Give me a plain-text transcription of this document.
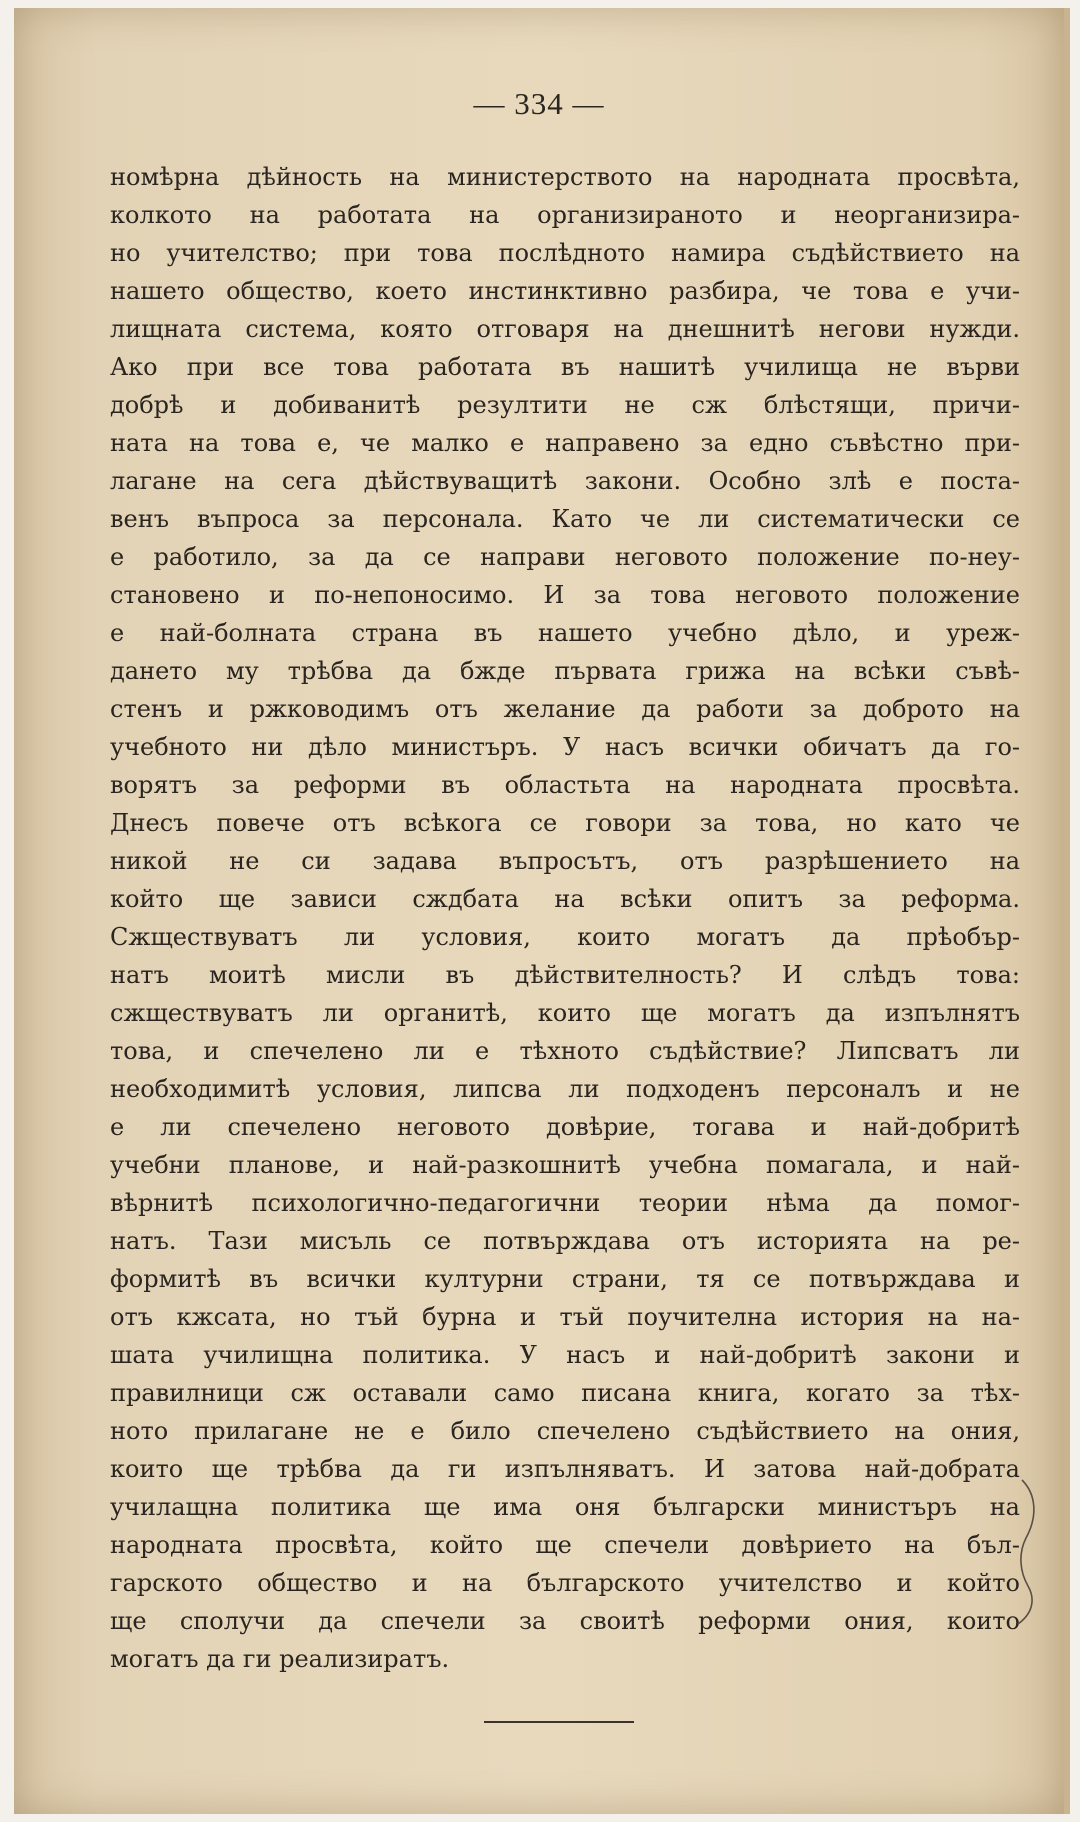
— 334 —
номѣрна дѣйность на министерството на народната просвѣта,
колкото на работата на организираното и неорганизира-
но учителство; при това послѣдното намира съдѣйствието на
нашето общество, което инстинктивно разбира, че това е учи-
лищната система, която отговаря на днешнитѣ негови нужди.
Ако при все това работата въ нашитѣ училища не върви
добрѣ и добиванитѣ резултити не сж блѣстящи, причи-
ната на това е, че малко е направено за едно съвѣстно при-
лагане на сега дѣйствуващитѣ закони. Особно злѣ е поста-
венъ въпроса за персонала. Като че ли систематически се
е работило, за да се направи неговото положение по-неу-
становено и по-непоносимо. И за това неговото положение
е най-болната страна въ нашето учебно дѣло, и уреж-
дането му трѣбва да бжде първата грижа на всѣки съвѣ-
стенъ и ржководимъ отъ желание да работи за доброто на
учебното ни дѣло министъръ. У насъ всички обичатъ да го-
ворятъ за реформи въ областьта на народната просвѣта.
Днесъ повече отъ всѣкога се говори за това, но като че
никой не си задава въпросътъ, отъ разрѣшението на
който ще зависи сждбата на всѣки опитъ за реформа.
Сжществуватъ ли условия, които могатъ да прѣобър-
натъ моитѣ мисли въ дѣйствителность? И слѣдъ това:
сжществуватъ ли органитѣ, които ще могатъ да изпълнятъ
това, и спечелено ли е тѣхното съдѣйствие? Липсватъ ли
необходимитѣ условия, липсва ли подходенъ персоналъ и не
е ли спечелено неговото довѣрие, тогава и най-добритѣ
учебни планове, и най-разкошнитѣ учебна помагала, и най-
вѣрнитѣ психологично-педагогични теории нѣма да помог-
натъ. Тази мисъль се потвърждава отъ историята на ре-
формитѣ въ всички културни страни, тя се потвърждава и
отъ кжсата, но тъй бурна и тъй поучителна история на на-
шата училищна политика. У насъ и най-добритѣ закони и
правилници сж оставали само писана книга, когато за тѣх-
ното прилагане не е било спечелено съдѣйствието на ония,
които ще трѣбва да ги изпълняватъ. И затова най-добрата
училащна политика ще има оня български министъръ на
народната просвѣта, който ще спечели довѣрието на бъл-
гарското общество и на българското учителство и който
ще сполучи да спечели за своитѣ реформи ония, които
могатъ да ги реализиратъ.
